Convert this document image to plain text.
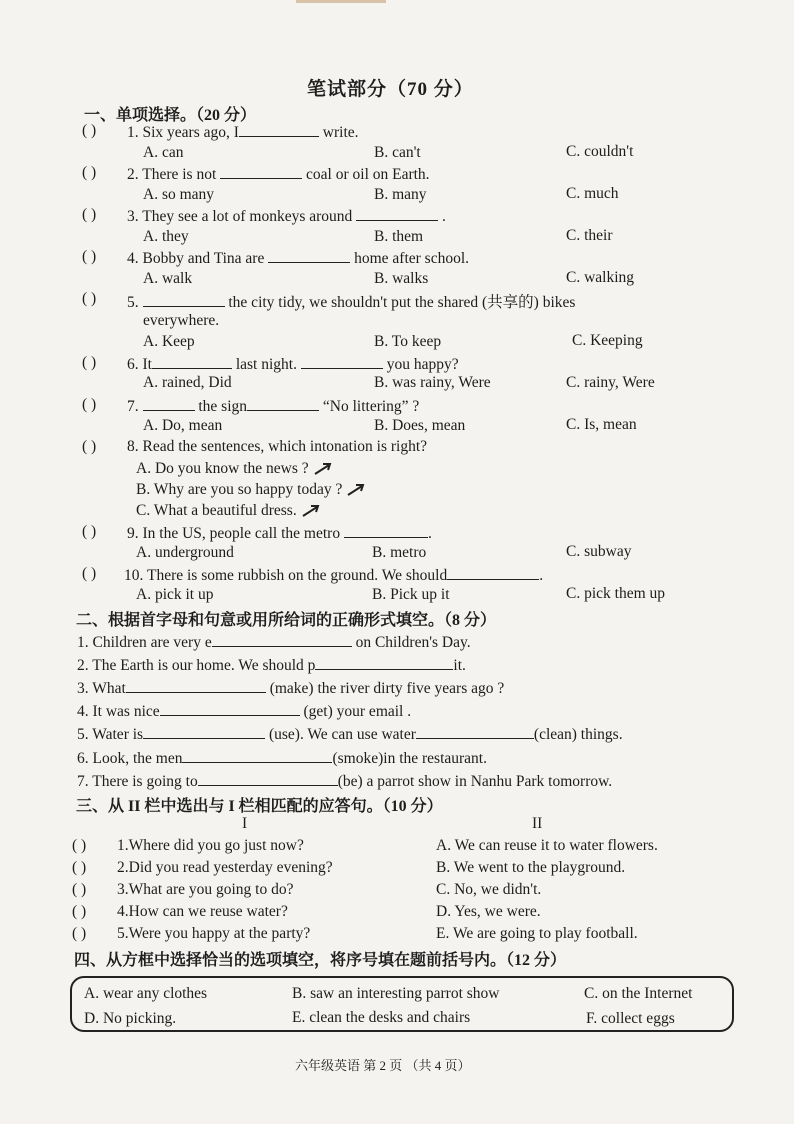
笔试部分（70 分）
一、单项选择。（20 分）
( ) 1. Six years ago, I	write.
A. can	B. can't	C. couldn't
( ) 2. There is not	coal or oil on Earth.
A. so many	B. many	C. much
( ) 3. They see a lot of monkeys around	.
A. they	B. them	C. their
( ) 4. Bobby and Tina are	home after school.
A. walk	B. walks	C. walking
( ) 5.	the city tidy, we shouldn't put the shared (共享的) bikes
everywhere.
A. Keep	B. To keep	C. Keeping
( ) 6. It	last night.	you happy?
A. rained, Did	B. was rainy, Were	C. rainy, Were
( ) 7.	the sign	“No littering” ?
A. Do, mean	B. Does, mean	C. Is, mean
( ) 8. Read the sentences, which intonation is right?
A. Do you know the news ?
B. Why are you so happy today ?
C. What a beautiful dress.
( ) 9. In the US, people call the metro	.
A. underground	B. metro	C. subway
( ) 10. There is some rubbish on the ground. We should	.
A. pick it up	B. Pick up it	C. pick them up
二、根据首字母和句意或用所给词的正确形式填空。（8 分）
1. Children are very e	on Children's Day.
2. The Earth is our home. We should p	it.
3. What	(make) the river dirty five years ago ?
4. It was nice	(get) your email .
5. Water is	(use). We can use water	(clean) things.
6. Look, the men	(smoke)in the restaurant.
7. There is going to	(be) a parrot show in Nanhu Park tomorrow.
三、从 II 栏中选出与 I 栏相匹配的应答句。（10 分）
I	II
( ) 1.Where did you go just now?	A. We can reuse it to water flowers.
( ) 2.Did you read yesterday evening?	B. We went to the playground.
( ) 3.What are you going to do?	C. No, we didn't.
( ) 4.How can we reuse water?	D. Yes, we were.
( ) 5.Were you happy at the party?	E. We are going to play football.
四、从方框中选择恰当的选项填空，将序号填在题前括号内。（12 分）
A. wear any clothes	B. saw an interesting parrot show	C. on the Internet
D. No picking.	E. clean the desks and chairs	F. collect eggs
六年级英语 第 2 页 （共 4 页）
